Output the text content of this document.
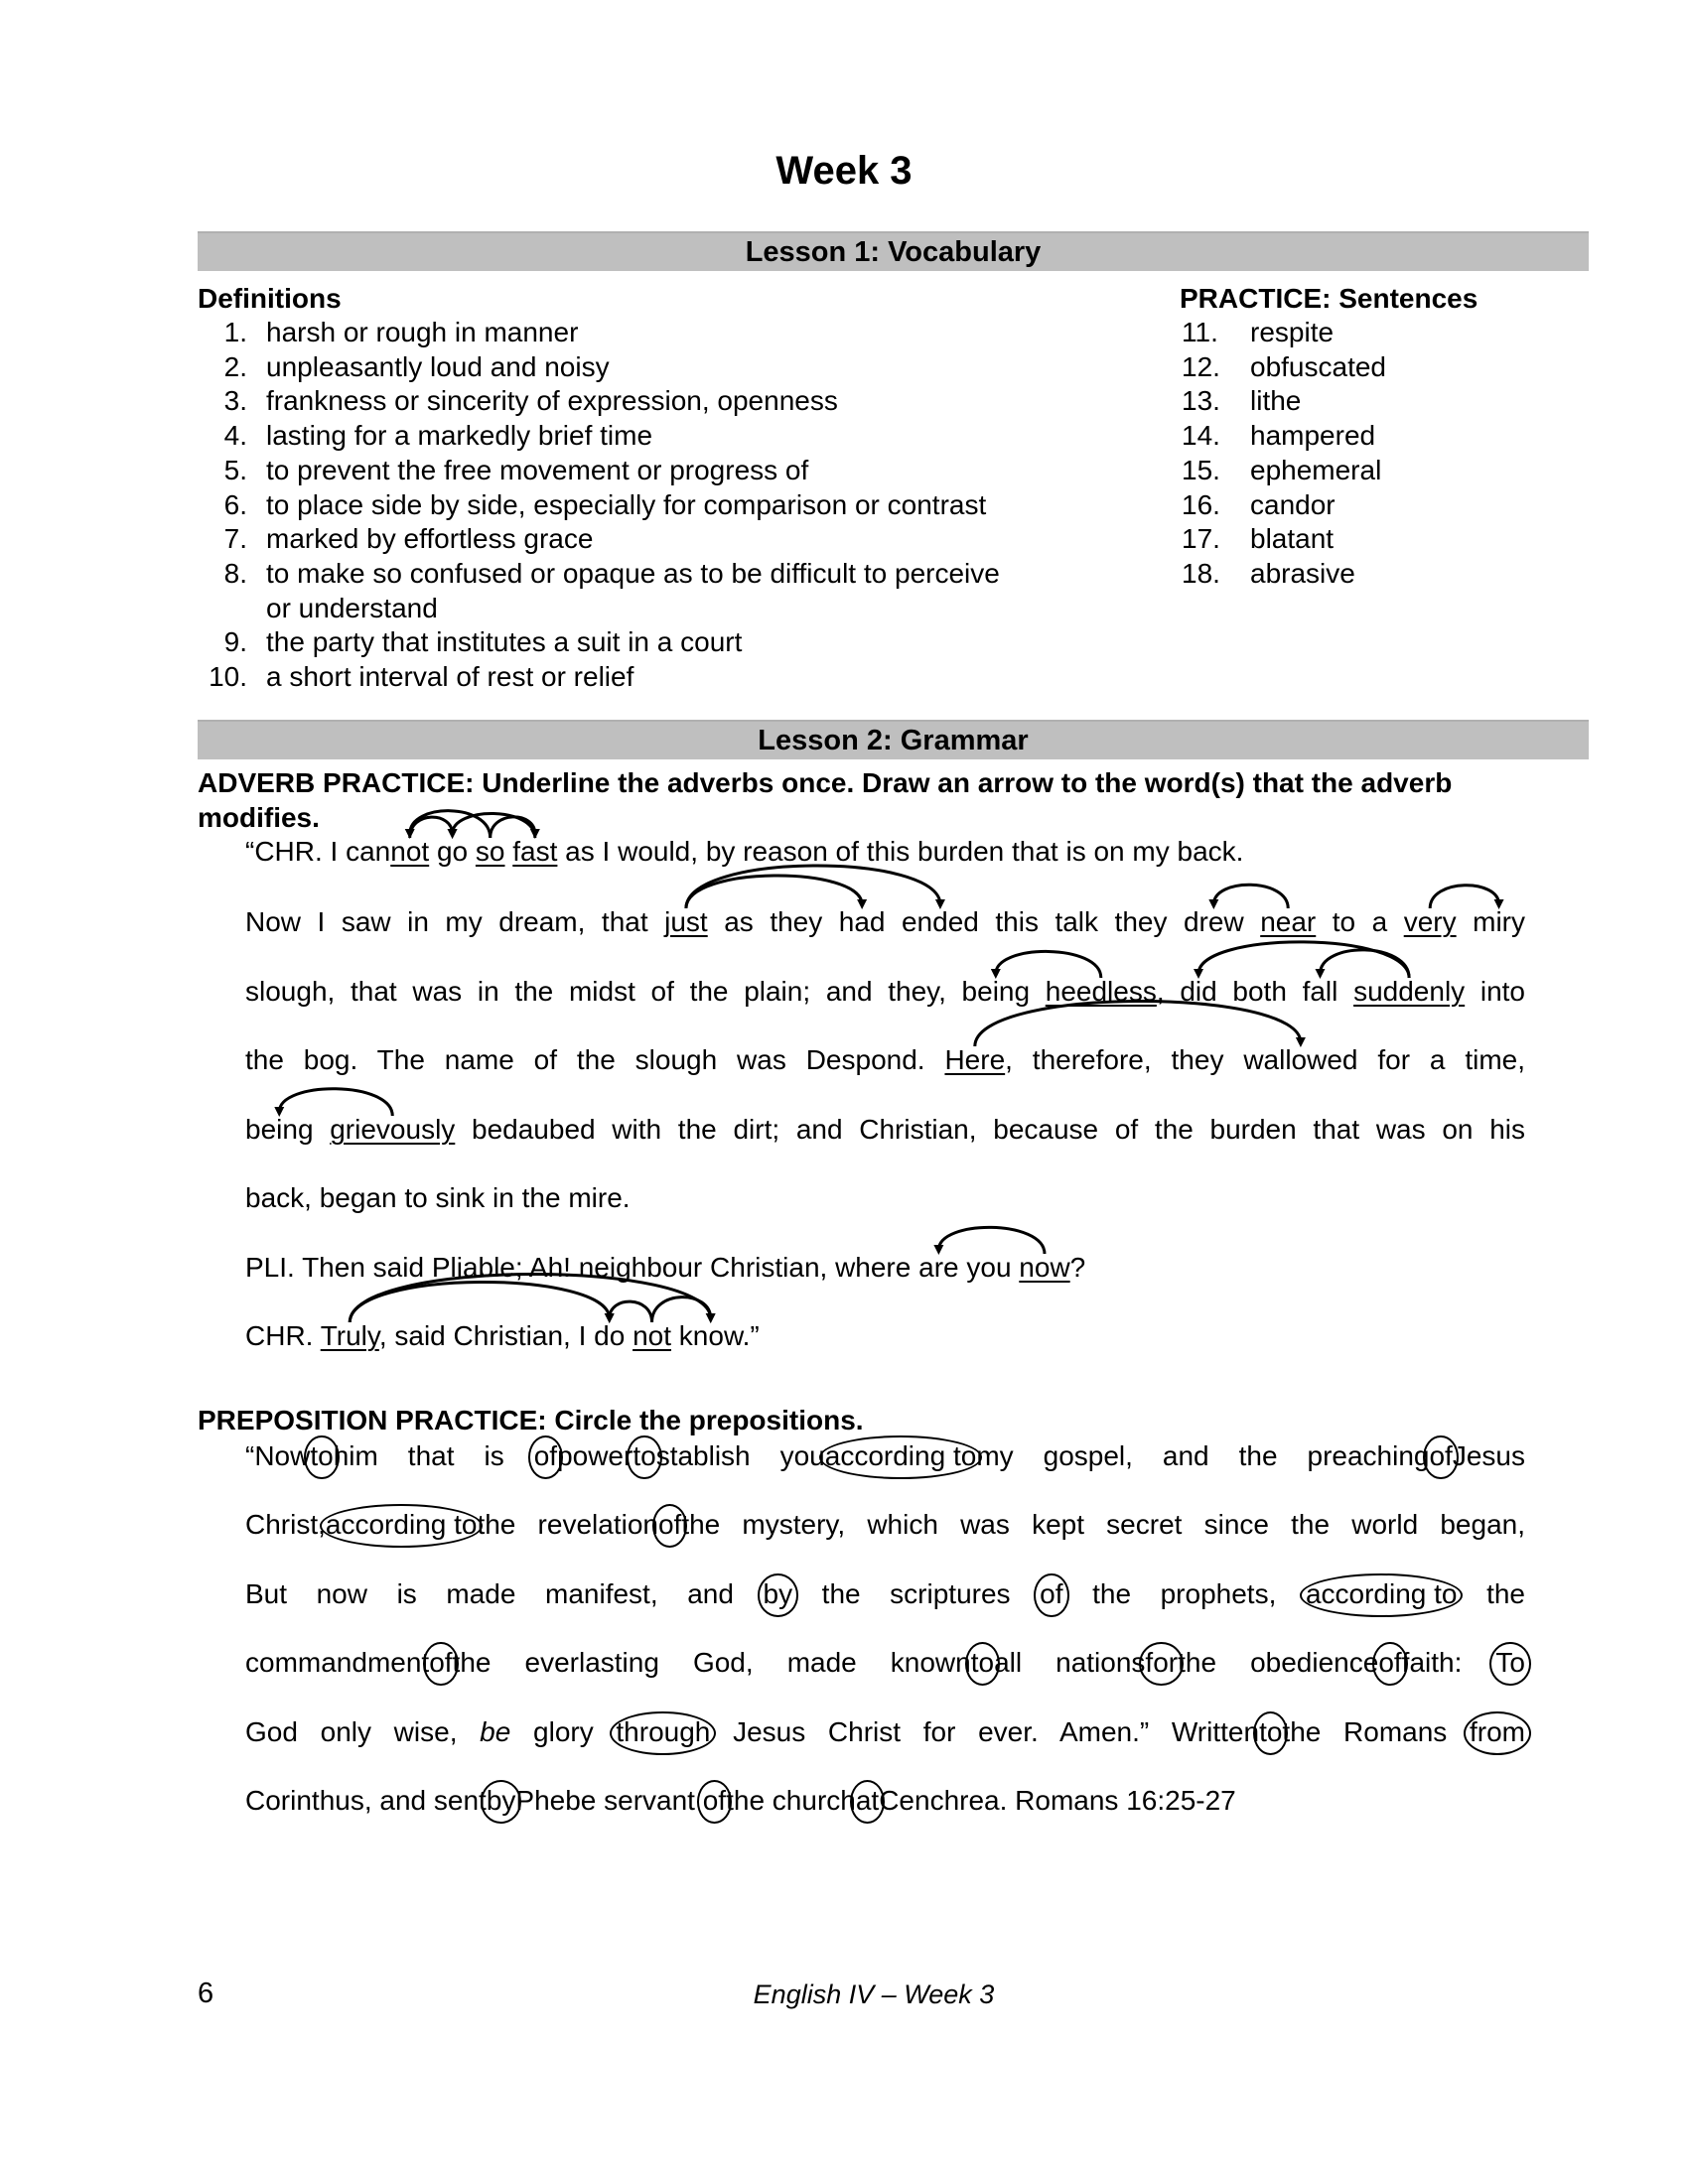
Week 3
Lesson 1: Vocabulary
Definitions
1. harsh or rough in manner
2. unpleasantly loud and noisy
3. frankness or sincerity of expression, openness
4. lasting for a markedly brief time
5. to prevent the free movement or progress of
6. to place side by side, especially for comparison or contrast
7. marked by effortless grace
8. to make so confused or opaque as to be difficult to perceive
or understand
9. the party that institutes a suit in a court
10. a short interval of rest or relief
PRACTICE: Sentences
11. respite
12. obfuscated
13. lithe
14. hampered
15. ephemeral
16. candor
17. blatant
18. abrasive
Lesson 2: Grammar
ADVERB PRACTICE: Underline the adverbs once. Draw an arrow to the word(s) that the adverb
modifies.
“CHR. I cannot go so fast as I would, by reason of this burden that is on my back.
Now I saw in my dream, that just as they had ended this talk they drew near to a very miry
slough, that was in the midst of the plain; and they, being heedless, did both fall suddenly into
the bog. The name of the slough was Despond. Here, therefore, they wallowed for a time,
being grievously bedaubed with the dirt; and Christian, because of the burden that was on his
back, began to sink in the mire.
PLI. Then said Pliable; Ah! neighbour Christian, where are you now?
CHR. Truly, said Christian, I do not know.”
PREPOSITION PRACTICE: Circle the prepositions.
“Nowtohim that is ofpowertostablish youaccording tomy gospel, and the preachingofJesus
Christ,according tothe revelationofthe mystery, which was kept secret since the world began,
But now is made manifest, and by the scriptures of the prophets, according to the
commandmentofthe everlasting God, made knowntoall nationsforthe obedienceoffaith: To
God only wise, be glory through Jesus Christ for ever. Amen.” Writtentothe Romans from
Corinthus, and sentbyPhebe servant ofthe churchatCenchrea. Romans 16:25-27
6	English IV – Week 3
